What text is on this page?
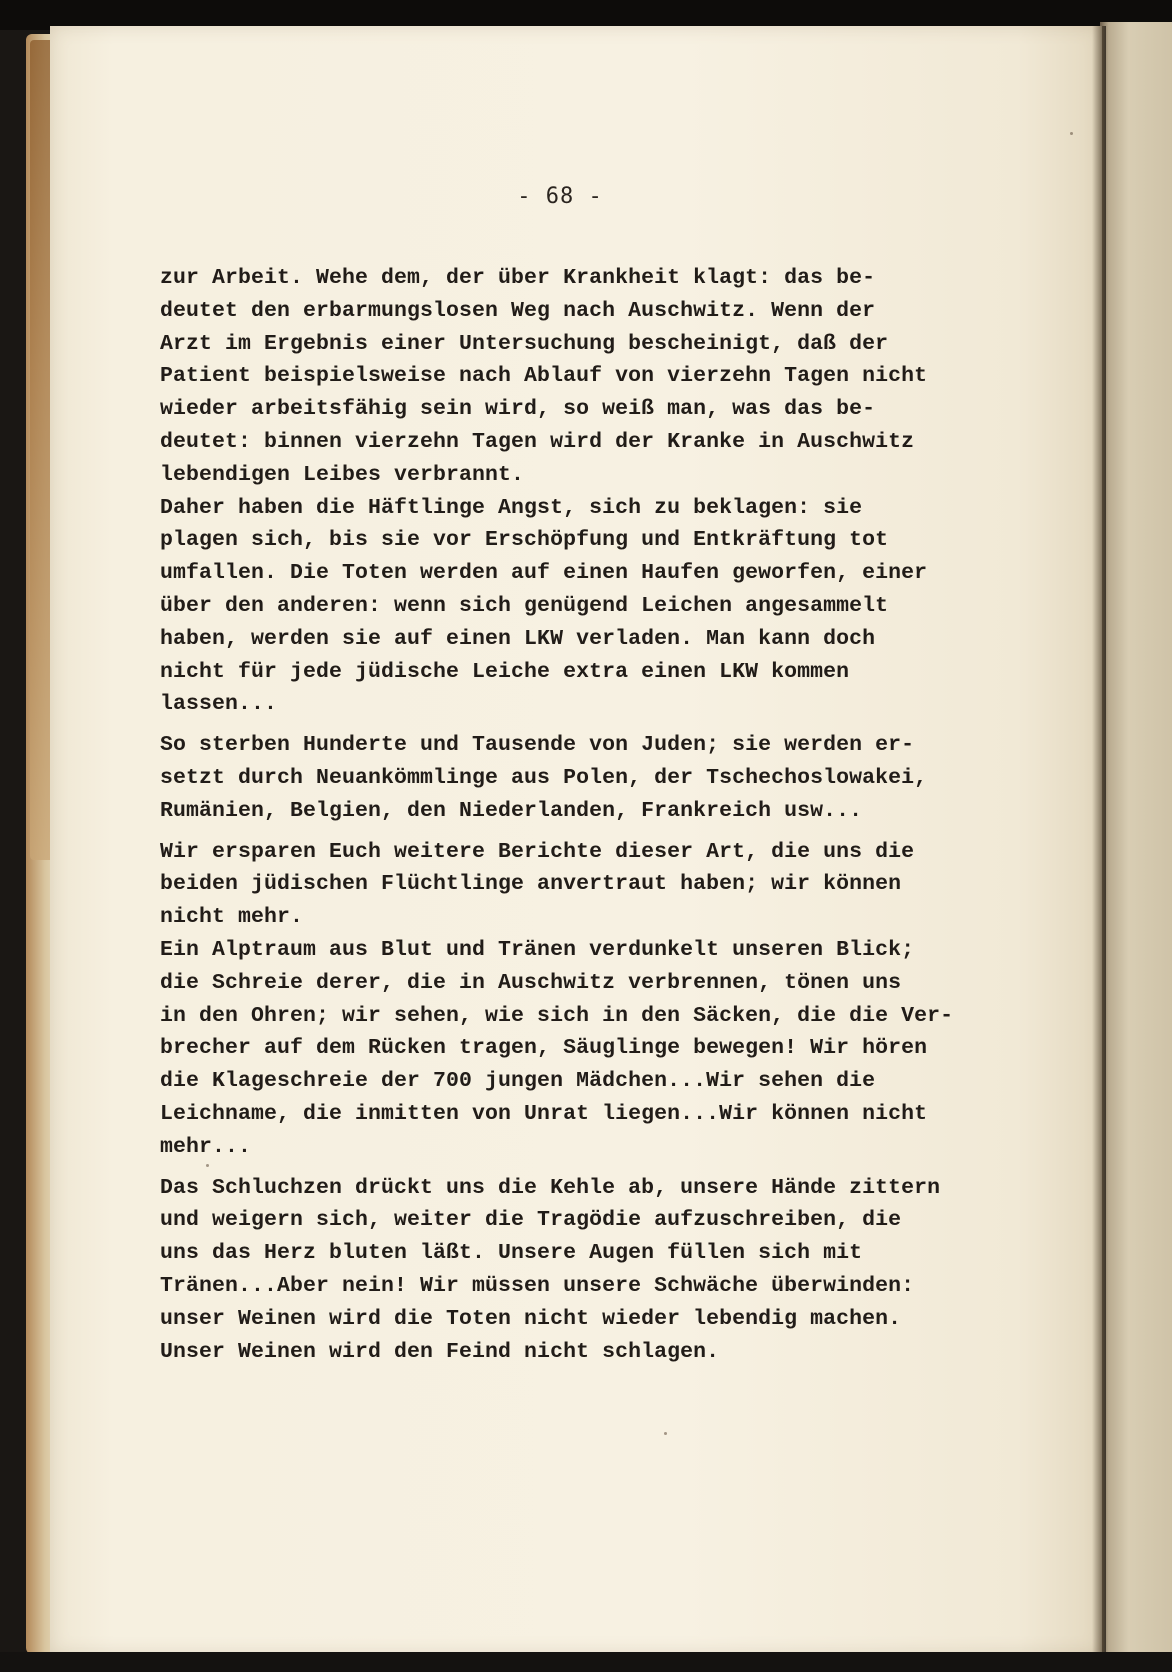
- 68 -
zur Arbeit. Wehe dem, der über Krankheit klagt: das be-
deutet den erbarmungslosen Weg nach Auschwitz. Wenn der
Arzt im Ergebnis einer Untersuchung bescheinigt, daß der
Patient beispielsweise nach Ablauf von vierzehn Tagen nicht
wieder arbeitsfähig sein wird, so weiß man, was das be-
deutet: binnen vierzehn Tagen wird der Kranke in Auschwitz
lebendigen Leibes verbrannt.
Daher haben die Häftlinge Angst, sich zu beklagen: sie
plagen sich, bis sie vor Erschöpfung und Entkräftung tot
umfallen. Die Toten werden auf einen Haufen geworfen, einer
über den anderen: wenn sich genügend Leichen angesammelt
haben, werden sie auf einen LKW verladen. Man kann doch
nicht für jede jüdische Leiche extra einen LKW kommen
lassen...
So sterben Hunderte und Tausende von Juden; sie werden er-
setzt durch Neuankömmlinge aus Polen, der Tschechoslowakei,
Rumänien, Belgien, den Niederlanden, Frankreich usw...
Wir ersparen Euch weitere Berichte dieser Art, die uns die
beiden jüdischen Flüchtlinge anvertraut haben; wir können
nicht mehr.
Ein Alptraum aus Blut und Tränen verdunkelt unseren Blick;
die Schreie derer, die in Auschwitz verbrennen, tönen uns
in den Ohren; wir sehen, wie sich in den Säcken, die die Ver-
brecher auf dem Rücken tragen, Säuglinge bewegen! Wir hören
die Klageschreie der 700 jungen Mädchen...Wir sehen die
Leichname, die inmitten von Unrat liegen...Wir können nicht
mehr...
Das Schluchzen drückt uns die Kehle ab, unsere Hände zittern
und weigern sich, weiter die Tragödie aufzuschreiben, die
uns das Herz bluten läßt. Unsere Augen füllen sich mit
Tränen...Aber nein! Wir müssen unsere Schwäche überwinden:
unser Weinen wird die Toten nicht wieder lebendig machen.
Unser Weinen wird den Feind nicht schlagen.
